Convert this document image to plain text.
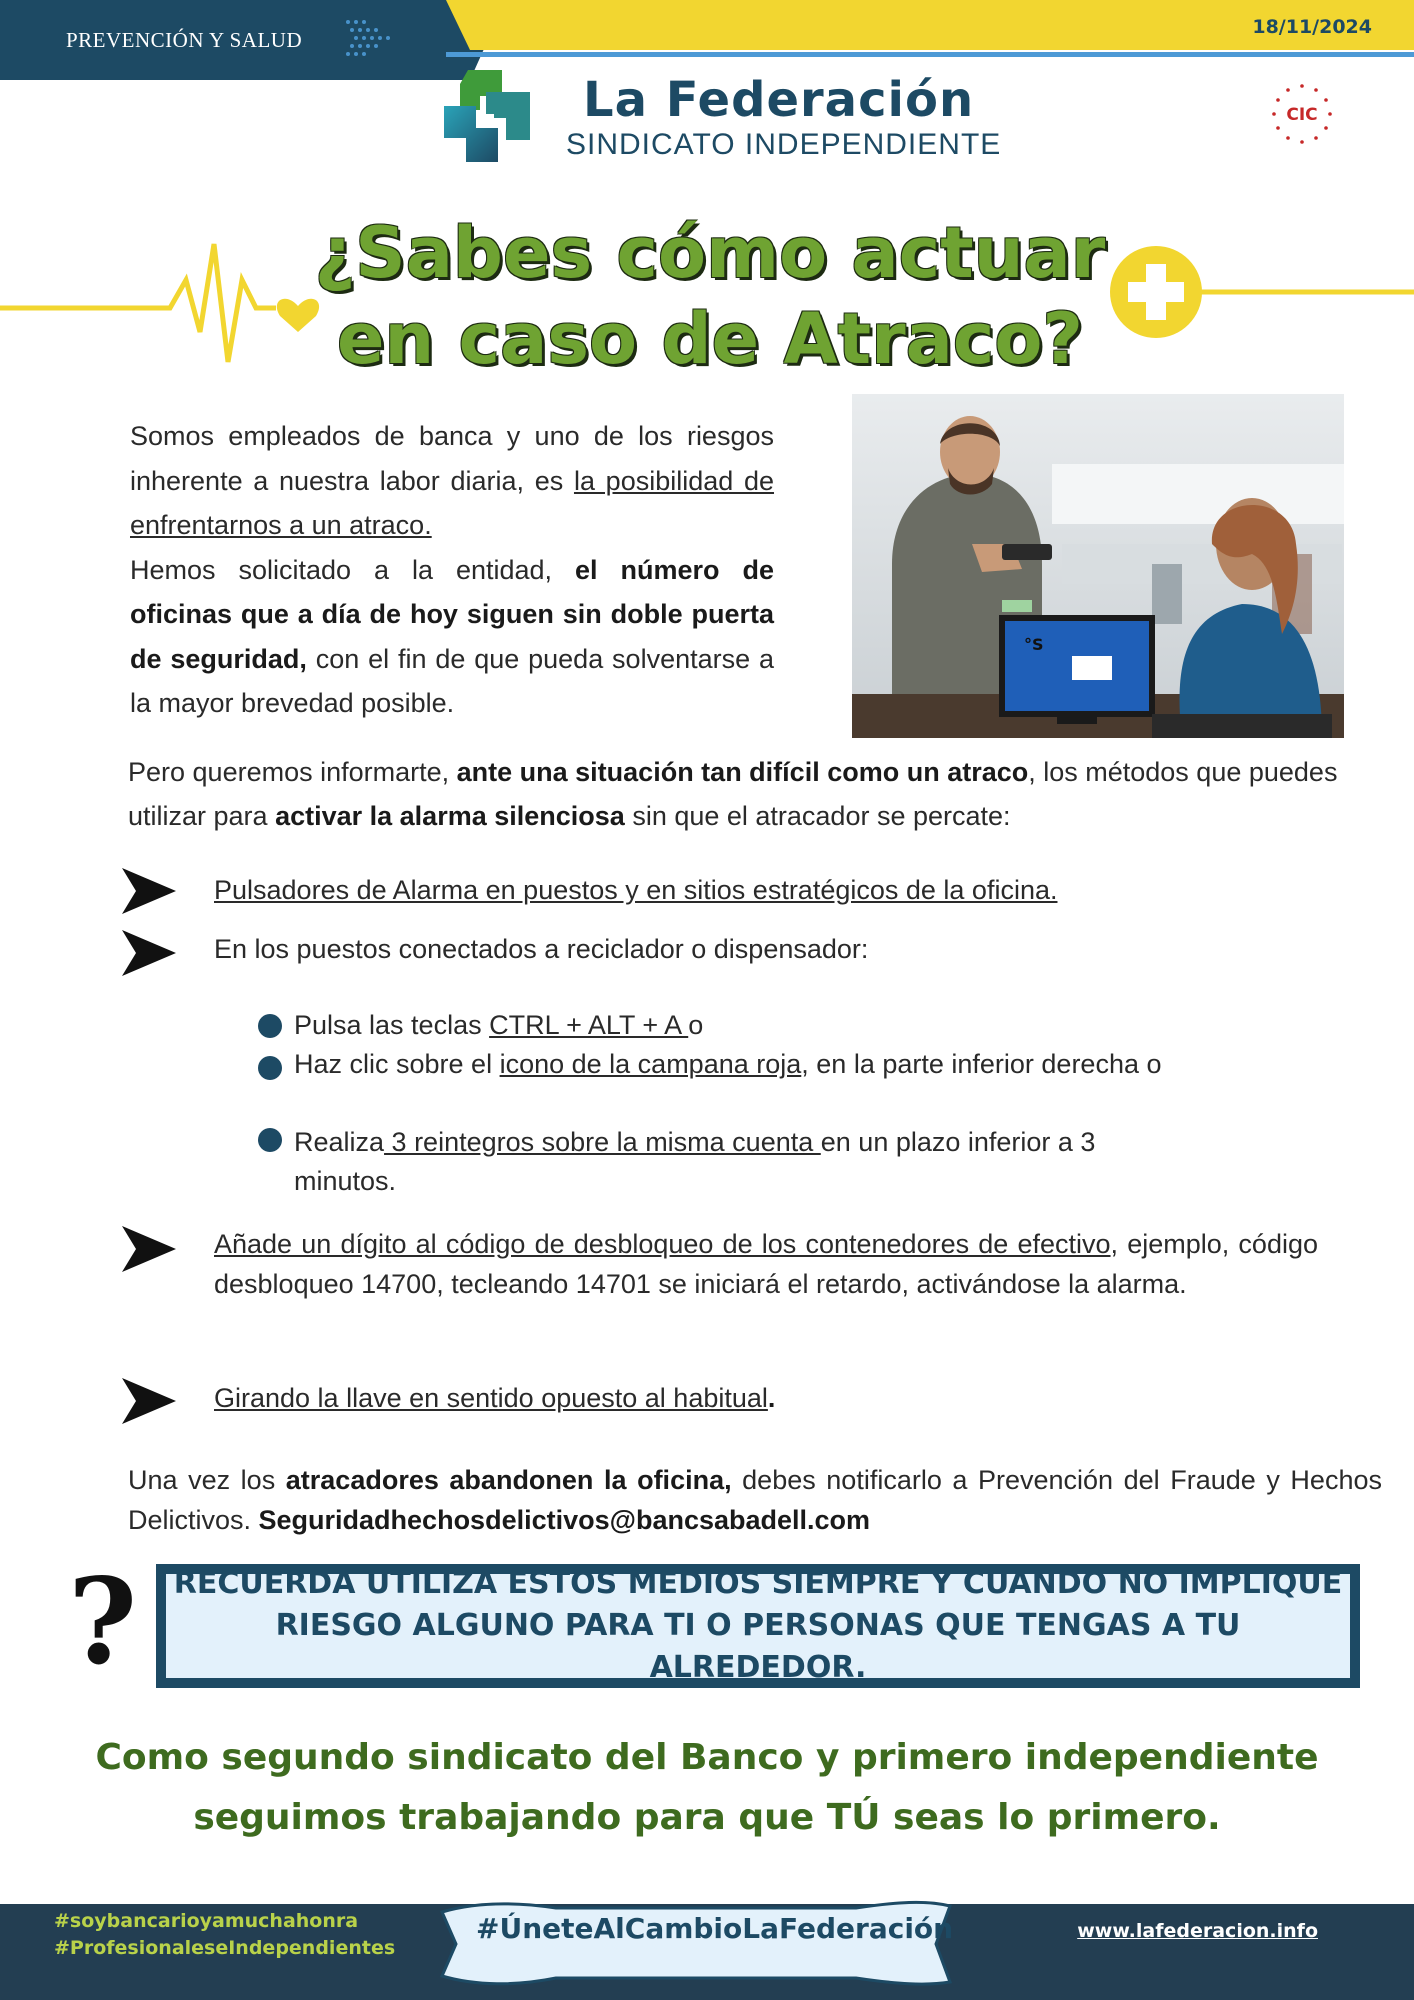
PREVENCIÓN Y SALUD
18/11/2024
La Federación
SINDICATO INDEPENDIENTE
CIC
¿Sabes cómo actuar
en caso de Atraco?
Somos empleados de banca y uno de los riesgos inherente a nuestra labor diaria, es la posibilidad de enfrentarnos a un atraco.
Hemos solicitado a la entidad, el número de oficinas que a día de hoy siguen sin doble puerta de seguridad, con el fin de que pueda solventarse a la mayor brevedad posible.
°S
Pero queremos informarte, ante una situación tan difícil como un atraco, los métodos que puedes utilizar para activar la alarma silenciosa sin que el atracador se percate:
Pulsadores de Alarma en puestos y en sitios estratégicos de la oficina.
En los puestos conectados a reciclador o dispensador:
Pulsa las teclas CTRL + ALT + A o
Haz clic sobre el icono de la campana roja, en la parte inferior derecha o
Realiza 3 reintegros sobre la misma cuenta en un plazo inferior a 3 minutos.
Añade un dígito al código de desbloqueo de los contenedores de efectivo, ejemplo, código desbloqueo 14700, tecleando 14701 se iniciará el retardo, activándose la alarma.
Girando la llave en sentido opuesto al habitual.
Una vez los atracadores abandonen la oficina, debes notificarlo a Prevención del Fraude y Hechos Delictivos. Seguridadhechosdelictivos@bancsabadell.com
? RECUERDA UTILIZA ESTOS MEDIOS SIEMPRE Y CUANDO NO IMPLIQUE
RIESGO ALGUNO PARA TI O PERSONAS QUE TENGAS A TU ALREDEDOR.
Como segundo sindicato del Banco y primero independiente
seguimos trabajando para que TÚ seas lo primero.
#soybancarioyamuchahonra
#ProfesionaleseIndependientes
#ÚneteAlCambioLaFederación	www.lafederacion.info
